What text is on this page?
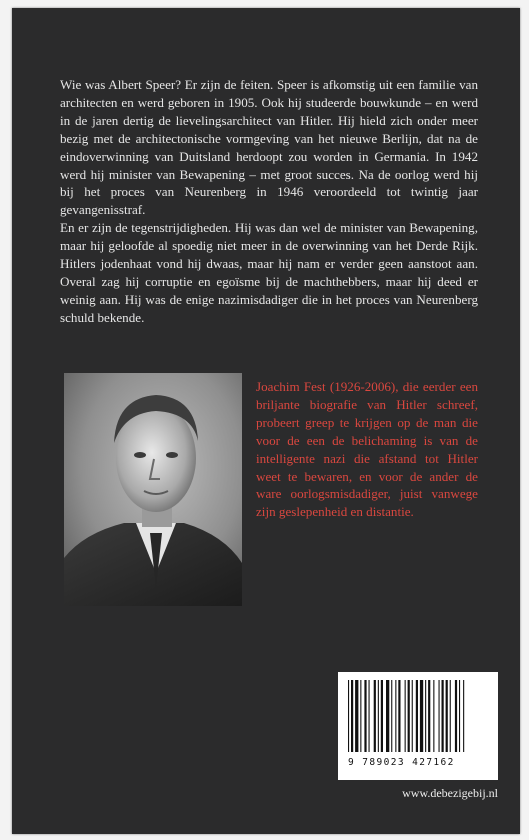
Wie was Albert Speer? Er zijn de feiten. Speer is afkomstig uit een familie van architecten en werd geboren in 1905. Ook hij studeerde bouwkunde – en werd in de jaren dertig de lievelingsarchitect van Hitler. Hij hield zich onder meer bezig met de architectonische vormgeving van het nieuwe Berlijn, dat na de eindoverwinning van Duitsland herdoopt zou worden in Germania. In 1942 werd hij minister van Bewapening – met groot succes. Na de oorlog werd hij bij het proces van Neurenberg in 1946 veroordeeld tot twintig jaar gevangenisstraf.

En er zijn de tegenstrijdigheden. Hij was dan wel de minister van Bewapening, maar hij geloofde al spoedig niet meer in de overwinning van het Derde Rijk. Hitlers jodenhaat vond hij dwaas, maar hij nam er verder geen aanstoot aan. Overal zag hij corruptie en egoïsme bij de machthebbers, maar hij deed er weinig aan. Hij was de enige nazimisdadiger die in het proces van Neurenberg schuld bekende.

Joachim Fest (1926-2006), die eerder een briljante biografie van Hitler schreef, probeert greep te krijgen op de man die voor de een de belichaming is van de intelligente nazi die afstand tot Hitler weet te bewaren, en voor de ander de ware oorlogsmisdadiger, juist vanwege zijn geslepenheid en distantie.

9 789023 427162
www.debezigebij.nl
